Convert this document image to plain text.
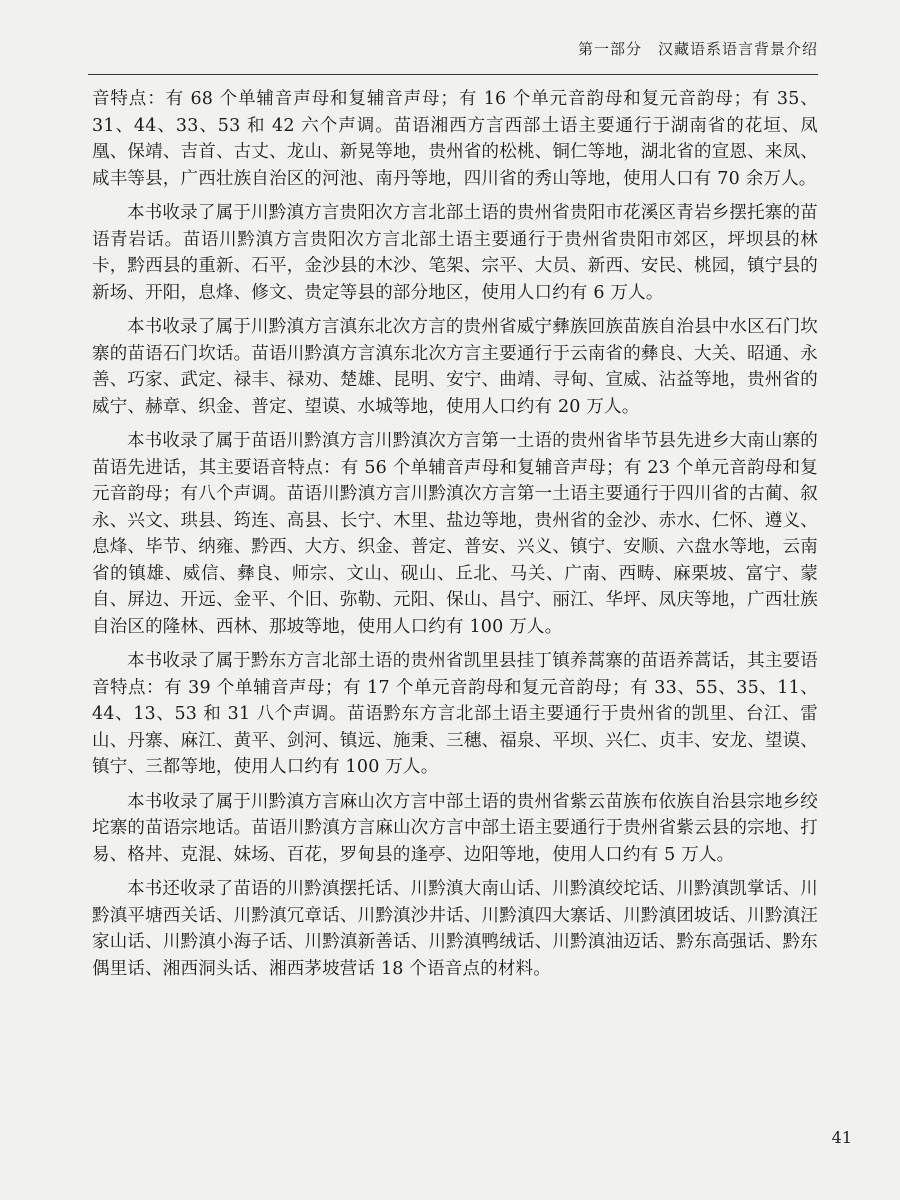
第一部分　汉藏语系语言背景介绍

音特点：有 68 个单辅音声母和复辅音声母；有 16 个单元音韵母和复元音韵母；有 35、31、44、33、53 和 42 六个声调。苗语湘西方言西部土语主要通行于湖南省的花垣、凤凰、保靖、吉首、古丈、龙山、新晃等地，贵州省的松桃、铜仁等地，湖北省的宣恩、来凤、咸丰等县，广西壮族自治区的河池、南丹等地，四川省的秀山等地，使用人口有 70 余万人。

本书收录了属于川黔滇方言贵阳次方言北部土语的贵州省贵阳市花溪区青岩乡摆托寨的苗语青岩话。苗语川黔滇方言贵阳次方言北部土语主要通行于贵州省贵阳市郊区，坪坝县的林卡，黔西县的重新、石平，金沙县的木沙、笔架、宗平、大员、新西、安民、桃园，镇宁县的新场、开阳，息烽、修文、贵定等县的部分地区，使用人口约有 6 万人。

本书收录了属于川黔滇方言滇东北次方言的贵州省威宁彝族回族苗族自治县中水区石门坎寨的苗语石门坎话。苗语川黔滇方言滇东北次方言主要通行于云南省的彝良、大关、昭通、永善、巧家、武定、禄丰、禄劝、楚雄、昆明、安宁、曲靖、寻甸、宣威、沾益等地，贵州省的威宁、赫章、织金、普定、望谟、水城等地，使用人口约有 20 万人。

本书收录了属于苗语川黔滇方言川黔滇次方言第一土语的贵州省毕节县先进乡大南山寨的苗语先进话，其主要语音特点：有 56 个单辅音声母和复辅音声母；有 23 个单元音韵母和复元音韵母；有八个声调。苗语川黔滇方言川黔滇次方言第一土语主要通行于四川省的古蔺、叙永、兴文、珙县、筠连、高县、长宁、木里、盐边等地，贵州省的金沙、赤水、仁怀、遵义、息烽、毕节、纳雍、黔西、大方、织金、普定、普安、兴义、镇宁、安顺、六盘水等地，云南省的镇雄、威信、彝良、师宗、文山、砚山、丘北、马关、广南、西畴、麻栗坡、富宁、蒙自、屏边、开远、金平、个旧、弥勒、元阳、保山、昌宁、丽江、华坪、凤庆等地，广西壮族自治区的隆林、西林、那坡等地，使用人口约有 100 万人。

本书收录了属于黔东方言北部土语的贵州省凯里县挂丁镇养蒿寨的苗语养蒿话，其主要语音特点：有 39 个单辅音声母；有 17 个单元音韵母和复元音韵母；有 33、55、35、11、44、13、53 和 31 八个声调。苗语黔东方言北部土语主要通行于贵州省的凯里、台江、雷山、丹寨、麻江、黄平、剑河、镇远、施秉、三穗、福泉、平坝、兴仁、贞丰、安龙、望谟、镇宁、三都等地，使用人口约有 100 万人。

本书收录了属于川黔滇方言麻山次方言中部土语的贵州省紫云苗族布依族自治县宗地乡绞坨寨的苗语宗地话。苗语川黔滇方言麻山次方言中部土语主要通行于贵州省紫云县的宗地、打易、格丼、克混、妹场、百花，罗甸县的逢亭、边阳等地，使用人口约有 5 万人。

本书还收录了苗语的川黔滇摆托话、川黔滇大南山话、川黔滇绞坨话、川黔滇凯掌话、川黔滇平塘西关话、川黔滇冗章话、川黔滇沙井话、川黔滇四大寨话、川黔滇团坡话、川黔滇汪家山话、川黔滇小海子话、川黔滇新善话、川黔滇鸭绒话、川黔滇油迈话、黔东高强话、黔东偶里话、湘西洞头话、湘西茅坡营话 18 个语音点的材料。

41
